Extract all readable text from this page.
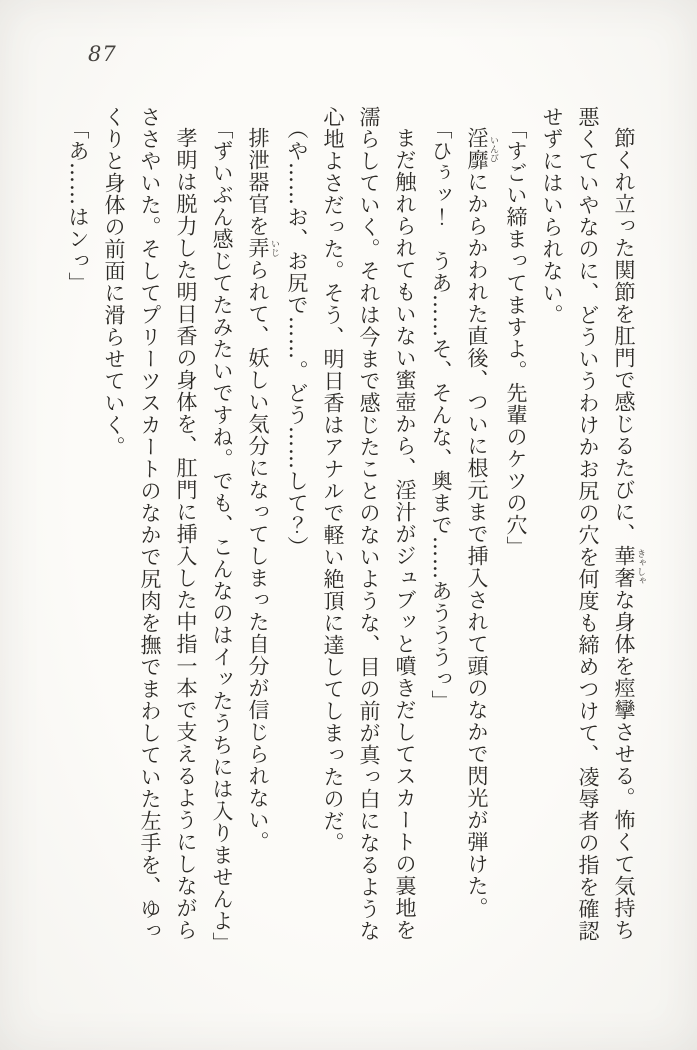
87

節くれ立った関節を肛門で感じるたびに、華奢 きゃしゃな身体を痙攣させる。怖くて気持ち悪くていやなのに、どういうわけかお尻の穴を何度も締めつけて、凌辱者の指を確認せずにはいられない。

「すごい締まってますよ。先輩のケツの穴」

淫靡 いんびにからかわれた直後、ついに根元まで挿入されて頭のなかで閃光が弾けた。

「ひぅッ！　うあ……そ、そんな、奥まで……あうううっ」

まだ触れられてもいない蜜壺から、淫汁がジュブッと噴きだしてスカートの裏地を濡らしていく。それは今まで感じたことのないような、目の前が真っ白になるような心地よさだった。そう、明日香はアナルで軽い絶頂に達してしまったのだ。

（や……お、お尻で……。どう……して？）

排泄器官を弄 いじられて、妖しい気分になってしまった自分が信じられない。

「ずいぶん感じてたみたいですね。でも、こんなのはイッたうちには入りませんよ」

孝明は脱力した明日香の身体を、肛門に挿入した中指一本で支えるようにしながらささやいた。そしてプリーツスカートのなかで尻肉を撫でまわしていた左手を、ゆっくりと身体の前面に滑らせていく。

「あ……はンっ」
